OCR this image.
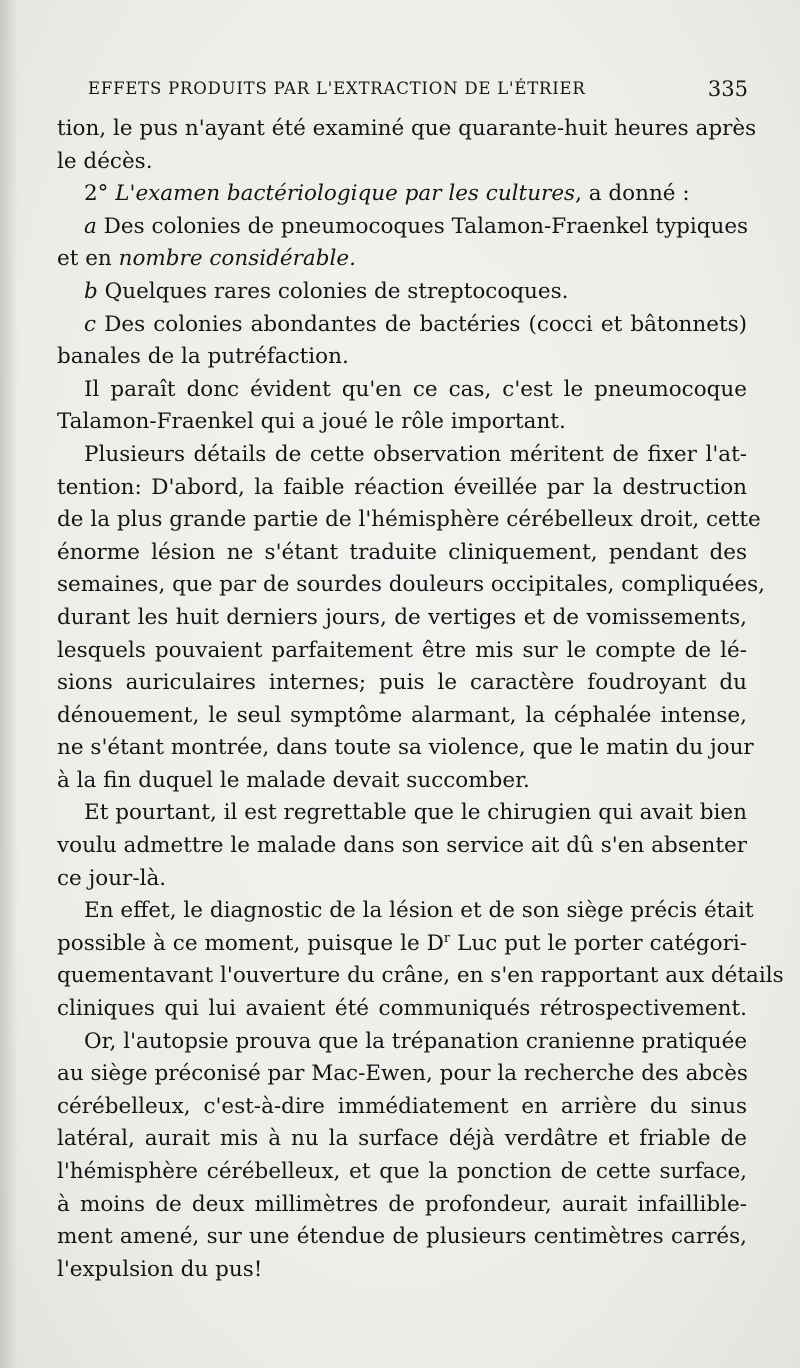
EFFETS PRODUITS PAR L'EXTRACTION DE L'ÉTRIER	335
tion, le pus n'ayant été examiné que quarante-huit heures après
le décès.
2° L'examen bactériologique par les cultures, a donné :
a Des colonies de pneumocoques Talamon-Fraenkel typiques
et en nombre considérable.
b Quelques rares colonies de streptocoques.
c Des colonies abondantes de bactéries (cocci et bâtonnets)
banales de la putréfaction.
Il paraît donc évident qu'en ce cas, c'est le pneumocoque
Talamon-Fraenkel qui a joué le rôle important.
Plusieurs détails de cette observation méritent de fixer l'at-
tention: D'abord, la faible réaction éveillée par la destruction
de la plus grande partie de l'hémisphère cérébelleux droit, cette
énorme lésion ne s'étant traduite cliniquement, pendant des
semaines, que par de sourdes douleurs occipitales, compliquées,
durant les huit derniers jours, de vertiges et de vomissements,
lesquels pouvaient parfaitement être mis sur le compte de lé-
sions auriculaires internes; puis le caractère foudroyant du
dénouement, le seul symptôme alarmant, la céphalée intense,
ne s'étant montrée, dans toute sa violence, que le matin du jour
à la fin duquel le malade devait succomber.
Et pourtant, il est regrettable que le chirugien qui avait bien
voulu admettre le malade dans son service ait dû s'en absenter
ce jour-là.
En effet, le diagnostic de la lésion et de son siège précis était
possible à ce moment, puisque le $D^r$ Luc put le porter catégori-
quementavant l'ouverture du crâne, en s'en rapportant aux détails
cliniques qui lui avaient été communiqués rétrospectivement.
Or, l'autopsie prouva que la trépanation cranienne pratiquée
au siège préconisé par Mac-Ewen, pour la recherche des abcès
cérébelleux, c'est-à-dire immédiatement en arrière du sinus
latéral, aurait mis à nu la surface déjà verdâtre et friable de
l'hémisphère cérébelleux, et que la ponction de cette surface,
à moins de deux millimètres de profondeur, aurait infaillible-
ment amené, sur une étendue de plusieurs centimètres carrés,
l'expulsion du pus!
